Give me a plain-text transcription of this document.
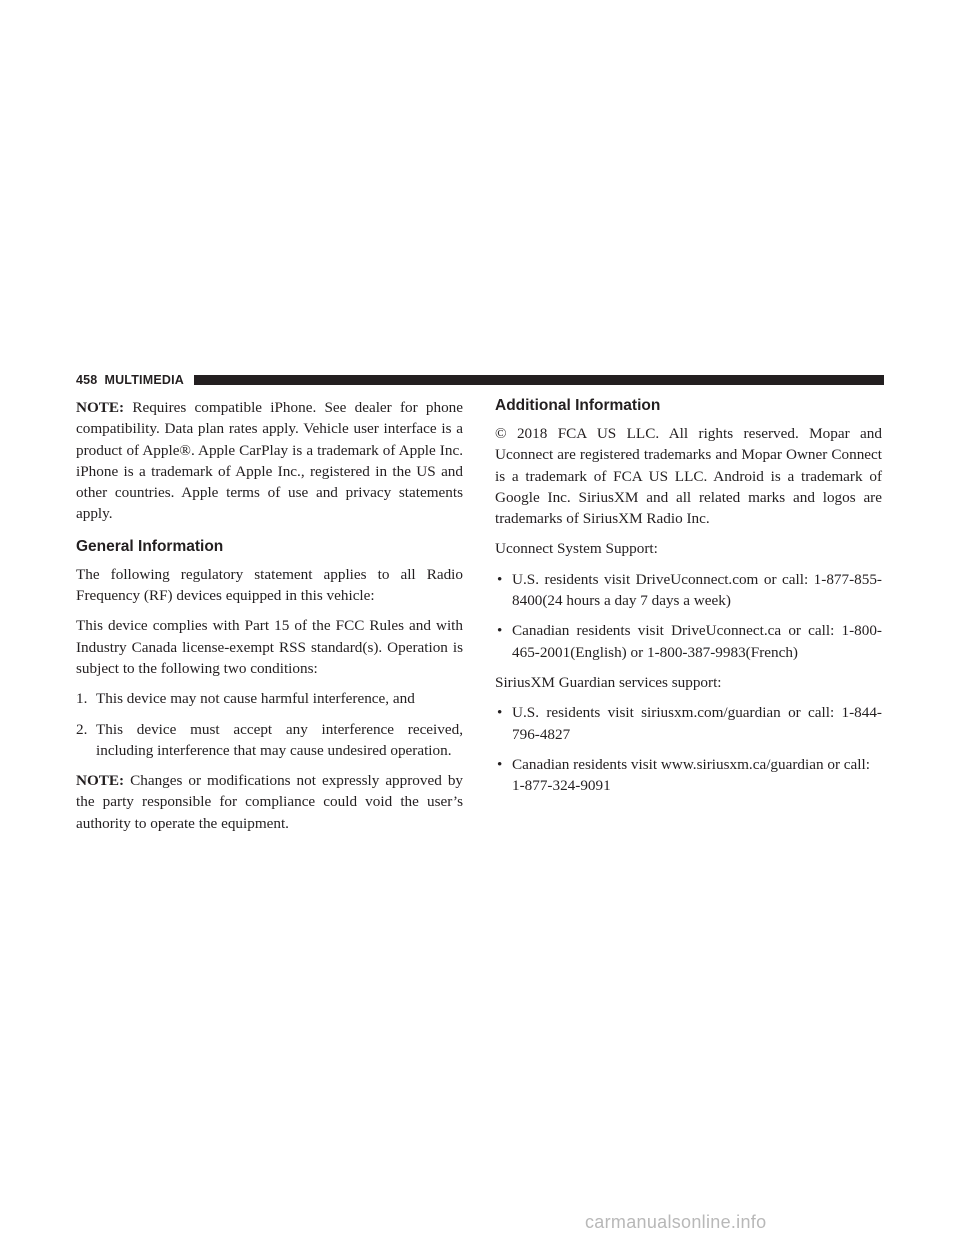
458 MULTIMEDIA

NOTE: Requires compatible iPhone. See dealer for phone compatibility. Data plan rates apply. Vehicle user interface is a product of Apple®. Apple CarPlay is a trademark of Apple Inc. iPhone is a trademark of Apple Inc., registered in the US and other countries. Apple terms of use and privacy statements apply.

General Information

The following regulatory statement applies to all Radio Frequency (RF) devices equipped in this vehicle:

This device complies with Part 15 of the FCC Rules and with Industry Canada license-exempt RSS standard(s). Operation is subject to the following two conditions:

1. This device may not cause harmful interference, and

2. This device must accept any interference received, including interference that may cause undesired operation.

NOTE: Changes or modifications not expressly approved by the party responsible for compliance could void the user’s authority to operate the equipment.

Additional Information

© 2018 FCA US LLC. All rights reserved. Mopar and Uconnect are registered trademarks and Mopar Owner Connect is a trademark of FCA US LLC. Android is a trademark of Google Inc. SiriusXM and all related marks and logos are trademarks of SiriusXM Radio Inc.

Uconnect System Support:

• U.S. residents visit DriveUconnect.com or call: 1-877-855-8400(24 hours a day 7 days a week)

• Canadian residents visit DriveUconnect.ca or call: 1-800-465-2001(English) or 1-800-387-9983(French)

SiriusXM Guardian services support:

• U.S. residents visit siriusxm.com/guardian or call: 1-844-796-4827

• Canadian residents visit www.siriusxm.ca/guardian or call: 1-877-324-9091

carmanualsonline.info
